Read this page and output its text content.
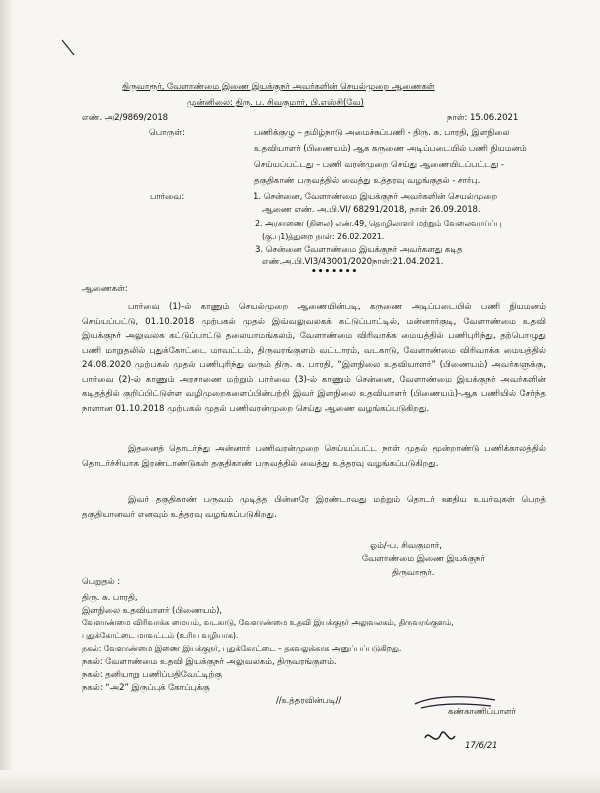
திருவாரூர், வேளாண்மை இணை இயக்குநர் அவர்களின் செயல்முறை ஆணைகள்
முன்னிலை: திரு. ப. சிவகுமார், பி.எஸ்சி(வே)
எண். அ2/9869/2018	நாள்: 15.06.2021
பொருள்:	பணிக்குழு – தமிழ்நாடு அமைச்சுப்பணி - திரு. சு. பாரதி, இளநிலை
உதவியாளர் (பிணையம்) ஆக கருணை அடிப்படையில் பணி நியமனம்
செய்யப்பட்டது – பணி வரன்முறை செய்து ஆணையிடப்பட்டது -
தகுதிகாண் பருவத்தில் வைத்து உத்தரவு வழங்குதல் - சார்பு.
பார்வை:	1. சென்னை, வேளாண்மை இயக்குநர் அவர்களின் செயல்முறை
ஆணை எண். அ.பி.VI/ 68291/2018, நாள் 26.09.2018.
2. அரசாணை (நிலை) எண்.49, தொழிலாளர் மற்றும் வேலைவாய்ப்பு
(கு.பு1)த்துறை நாள்: 26.02.2021.
3. சென்னை வேளாண்மை இயக்குநர் அவர்களது கடித
எண்.அ.பி.VI3/43001/2020நாள்:21.04.2021.
•••••••
ஆணைகள்:

பார்வை (1)-ல் காணும் செயல்முறை ஆணையின்படி, கருணை அடிப்படையில் பணி நியமனம் செய்யப்பட்டு, 01.10.2018 முற்பகல் முதல் இவ்வலுவலகக் கட்டுப்பாட்டில், மன்னார்குடி, வேளாண்மை உதவி இயக்குநர் அலுவலக கட்டுப்பாட்டு தலையாமங்கலம், வேளாண்மை விரிவாக்க மையத்தில் பணிபுரிந்து, தற்பொழுது பணி மாறுதலில் புதுக்கோட்டை மாவட்டம், திருவரங்குளம் வட்டாரம், வடகாடு, வேளாண்மை விரிவாக்க மையத்தில் 24.08.2020 முற்பகல் முதல் பணிபுரிந்து வரும் திரு. சு. பாரதி, “இளநிலை உதவியாளர்” (பிணையம்) அவர்களுக்கு, பார்வை (2)-ல் காணும் அரசாணை மற்றும் பார்வை (3)-ல் காணும் சென்னை, வேளாண்மை இயக்குநர் அவர்களின் கடிதத்தில் குறிப்பிட்டுள்ள வழிமுறைகளைப்பின்பற்றி இவர் இளநிலை உதவியாளர் (பிணையம்)-ஆக பணியில் சேர்ந்த நாளான 01.10.2018 முற்பகல் முதல் பணிவரன்முறை செய்து ஆணை வழங்கப்படுகிறது.

இதனைத் தொடர்ந்து அன்னார் பணிவரன்முறை செய்யப்பட்ட நாள் முதல் மூன்றாண்டு பணிக்காலத்தில் தொடர்ச்சியாக இரண்டாண்டுகள் தகுதிகாண் பருவத்தில் வைத்து உத்தரவு வழங்கப்படுகிறது.

இவர் தகுதிகாண் பருவம் முடித்த பின்னரே இரண்டாவது மற்றும் தொடர் ஊதிய உயர்வுகள் பெறத் தகுதியானவர் எனவும் உத்தரவு வழங்கப்படுகிறது.

ஓம்/-ப. சிவகுமார்,
வேளாண்மை இணை இயக்குநர்
திருவாரூர்.
பெறுதல் :
திரு. சு. பாரதி,
இளநிலை உதவியாளர் (பிணையம்),
வேளாண்மை விரிவாக்க மையம், வடகாடு, வேளாண்மை உதவி இயக்குநர் அலுவலகம், திருவரங்குளம்,
புதுக்கோட்டை மாவட்டம் (உரிய வழியாக).
நகல்: வேளாண்மை இணை இயக்குநர், புதுக்கோட்டை – தகவலுக்காக அனுப்பப்படுகிறது.
நகல்: வேளாண்மை உதவி இயக்குநர் அலுவலகம், திருவரங்குளம்.
நகல்: தனியாறு பணிப்பதிவேட்டிற்கு
நகல்: “அ2” இருப்புக் கோப்புக்கு
//உத்தரவின்படி//
கண்காணிப்பாளர்
17/6/21
